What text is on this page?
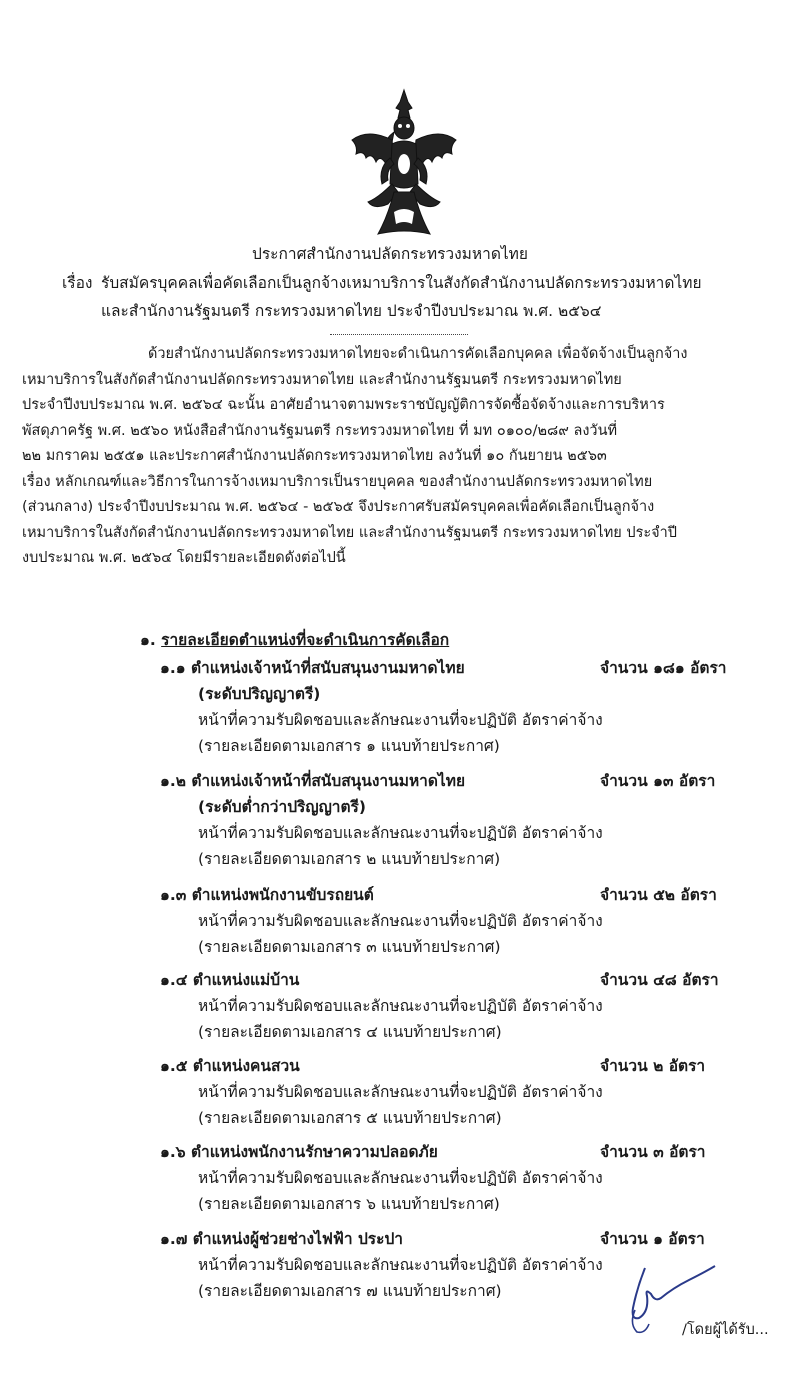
ประกาศสำนักงานปลัดกระทรวงมหาดไทย
เรื่อง รับสมัครบุคคลเพื่อคัดเลือกเป็นลูกจ้างเหมาบริการในสังกัดสำนักงานปลัดกระทรวงมหาดไทย
และสำนักงานรัฐมนตรี กระทรวงมหาดไทย ประจำปีงบประมาณ พ.ศ. ๒๕๖๔
ด้วยสำนักงานปลัดกระทรวงมหาดไทยจะดำเนินการคัดเลือกบุคคล เพื่อจัดจ้างเป็นลูกจ้าง
เหมาบริการในสังกัดสำนักงานปลัดกระทรวงมหาดไทย และสำนักงานรัฐมนตรี กระทรวงมหาดไทย
ประจำปีงบประมาณ พ.ศ. ๒๕๖๔ ฉะนั้น อาศัยอำนาจตามพระราชบัญญัติการจัดซื้อจัดจ้างและการบริหาร
พัสดุภาครัฐ พ.ศ. ๒๕๖๐ หนังสือสำนักงานรัฐมนตรี กระทรวงมหาดไทย ที่ มท ๐๑๐๐/๒๘๙ ลงวันที่
๒๒ มกราคม ๒๕๕๑ และประกาศสำนักงานปลัดกระทรวงมหาดไทย ลงวันที่ ๑๐ กันยายน ๒๕๖๓
เรื่อง หลักเกณฑ์และวิธีการในการจ้างเหมาบริการเป็นรายบุคคล ของสำนักงานปลัดกระทรวงมหาดไทย
(ส่วนกลาง) ประจำปีงบประมาณ พ.ศ. ๒๕๖๔ - ๒๕๖๕ จึงประกาศรับสมัครบุคคลเพื่อคัดเลือกเป็นลูกจ้าง
เหมาบริการในสังกัดสำนักงานปลัดกระทรวงมหาดไทย และสำนักงานรัฐมนตรี กระทรวงมหาดไทย ประจำปี
งบประมาณ พ.ศ. ๒๕๖๔ โดยมีรายละเอียดดังต่อไปนี้
๑. รายละเอียดตำแหน่งที่จะดำเนินการคัดเลือก
๑.๑ ตำแหน่งเจ้าหน้าที่สนับสนุนงานมหาดไทย	จำนวน ๑๘๑ อัตรา
(ระดับปริญญาตรี)
หน้าที่ความรับผิดชอบและลักษณะงานที่จะปฏิบัติ อัตราค่าจ้าง
(รายละเอียดตามเอกสาร ๑ แนบท้ายประกาศ)
๑.๒ ตำแหน่งเจ้าหน้าที่สนับสนุนงานมหาดไทย	จำนวน ๑๓ อัตรา
(ระดับต่ำกว่าปริญญาตรี)
หน้าที่ความรับผิดชอบและลักษณะงานที่จะปฏิบัติ อัตราค่าจ้าง
(รายละเอียดตามเอกสาร ๒ แนบท้ายประกาศ)
๑.๓ ตำแหน่งพนักงานขับรถยนต์	จำนวน ๕๒ อัตรา
หน้าที่ความรับผิดชอบและลักษณะงานที่จะปฏิบัติ อัตราค่าจ้าง
(รายละเอียดตามเอกสาร ๓ แนบท้ายประกาศ)
๑.๔ ตำแหน่งแม่บ้าน	จำนวน ๔๘ อัตรา
หน้าที่ความรับผิดชอบและลักษณะงานที่จะปฏิบัติ อัตราค่าจ้าง
(รายละเอียดตามเอกสาร ๔ แนบท้ายประกาศ)
๑.๕ ตำแหน่งคนสวน	จำนวน ๒ อัตรา
หน้าที่ความรับผิดชอบและลักษณะงานที่จะปฏิบัติ อัตราค่าจ้าง
(รายละเอียดตามเอกสาร ๕ แนบท้ายประกาศ)
๑.๖ ตำแหน่งพนักงานรักษาความปลอดภัย	จำนวน ๓ อัตรา
หน้าที่ความรับผิดชอบและลักษณะงานที่จะปฏิบัติ อัตราค่าจ้าง
(รายละเอียดตามเอกสาร ๖ แนบท้ายประกาศ)
๑.๗ ตำแหน่งผู้ช่วยช่างไฟฟ้า ประปา	จำนวน ๑ อัตรา
หน้าที่ความรับผิดชอบและลักษณะงานที่จะปฏิบัติ อัตราค่าจ้าง
(รายละเอียดตามเอกสาร ๗ แนบท้ายประกาศ)
/โดยผู้ได้รับ...
